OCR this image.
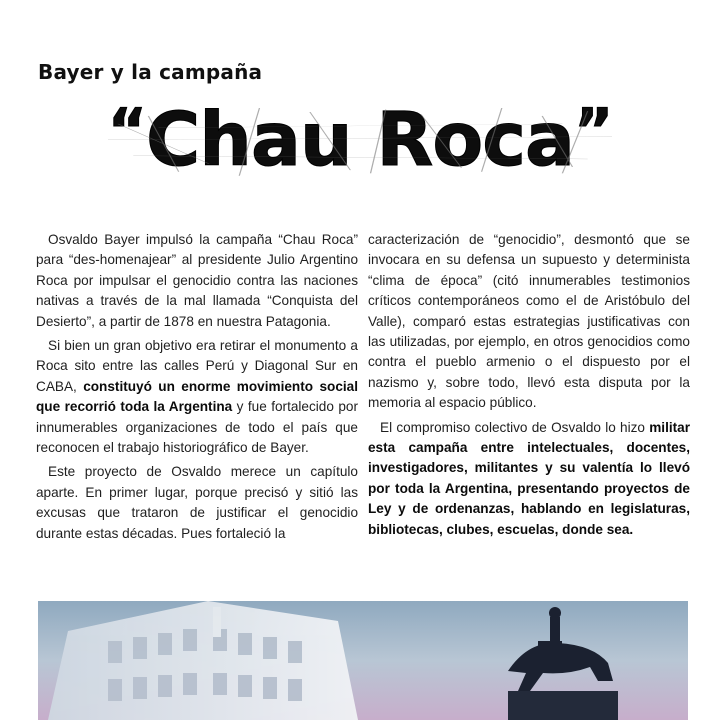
Bayer y la campaña
“Chau Roca”

Osvaldo Bayer impulsó la campaña “Chau Roca” para “des-homenajear” al presidente Julio Argentino Roca por impulsar el genocidio contra las naciones nativas a través de la mal llamada “Conquista del Desierto”, a partir de 1878 en nuestra Patagonia.

Si bien un gran objetivo era retirar el monumento a Roca sito entre las calles Perú y Diagonal Sur en CABA, constituyó un enorme movimiento social que recorrió toda la Argentina y fue fortalecido por innumerables organizaciones de todo el país que reconocen el trabajo historiográfico de Bayer.

Este proyecto de Osvaldo merece un capítulo aparte. En primer lugar, porque precisó y sitió las excusas que trataron de justificar el genocidio durante estas décadas. Pues fortaleció la

caracterización de “genocidio”, desmontó que se invocara en su defensa un supuesto y determinista “clima de época” (citó innumerables testimonios críticos contemporáneos como el de Aristóbulo del Valle), comparó estas estrategias justificativas con las utilizadas, por ejemplo, en otros genocidios como contra el pueblo armenio o el dispuesto por el nazismo y, sobre todo, llevó esta disputa por la memoria al espacio público.

El compromiso colectivo de Osvaldo lo hizo militar esta campaña entre intelectuales, docentes, investigadores, militantes y su valentía lo llevó por toda la Argentina, presentando proyectos de Ley y de ordenanzas, hablando en legislaturas, bibliotecas, clubes, escuelas, donde sea.
